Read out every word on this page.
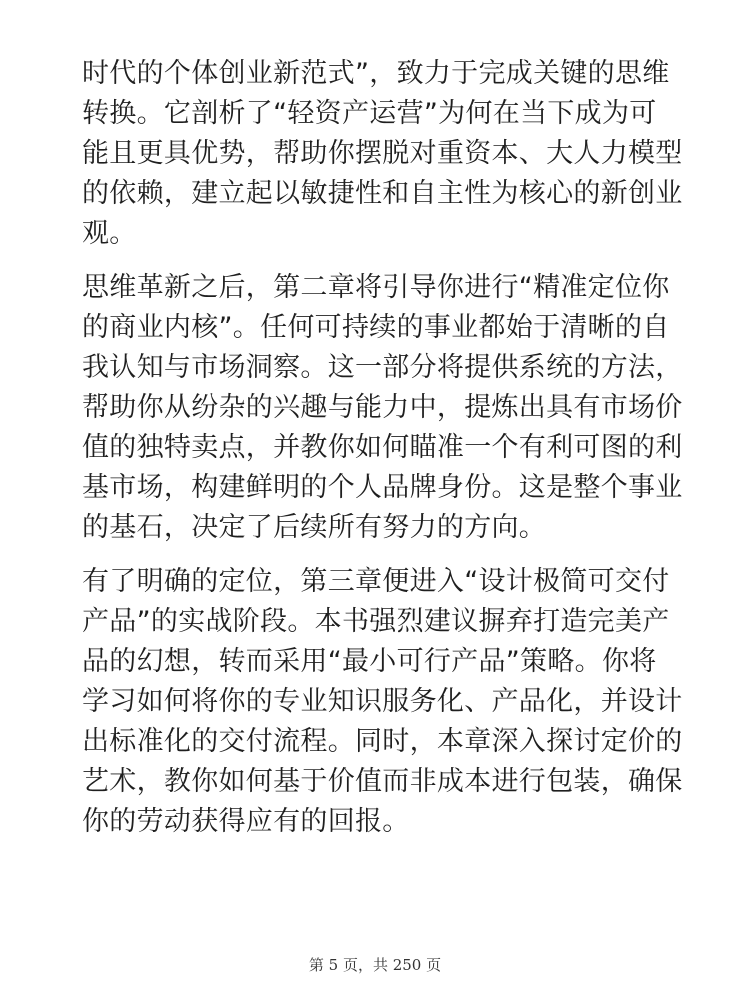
时代的个体创业新范式”，致力于完成关键的思维
转换。它剖析了“轻资产运营”为何在当下成为可
能且更具优势，帮助你摆脱对重资本、大人力模型
的依赖，建立起以敏捷性和自主性为核心的新创业
观。
思维革新之后，第二章将引导你进行“精准定位你
的商业内核”。任何可持续的事业都始于清晰的自
我认知与市场洞察。这一部分将提供系统的方法，
帮助你从纷杂的兴趣与能力中，提炼出具有市场价
值的独特卖点，并教你如何瞄准一个有利可图的利
基市场，构建鲜明的个人品牌身份。这是整个事业
的基石，决定了后续所有努力的方向。
有了明确的定位，第三章便进入“设计极简可交付
产品”的实战阶段。本书强烈建议摒弃打造完美产
品的幻想，转而采用“最小可行产品”策略。你将
学习如何将你的专业知识服务化、产品化，并设计
出标准化的交付流程。同时，本章深入探讨定价的
艺术，教你如何基于价值而非成本进行包装，确保
你的劳动获得应有的回报。
第 5 页，共 250 页
